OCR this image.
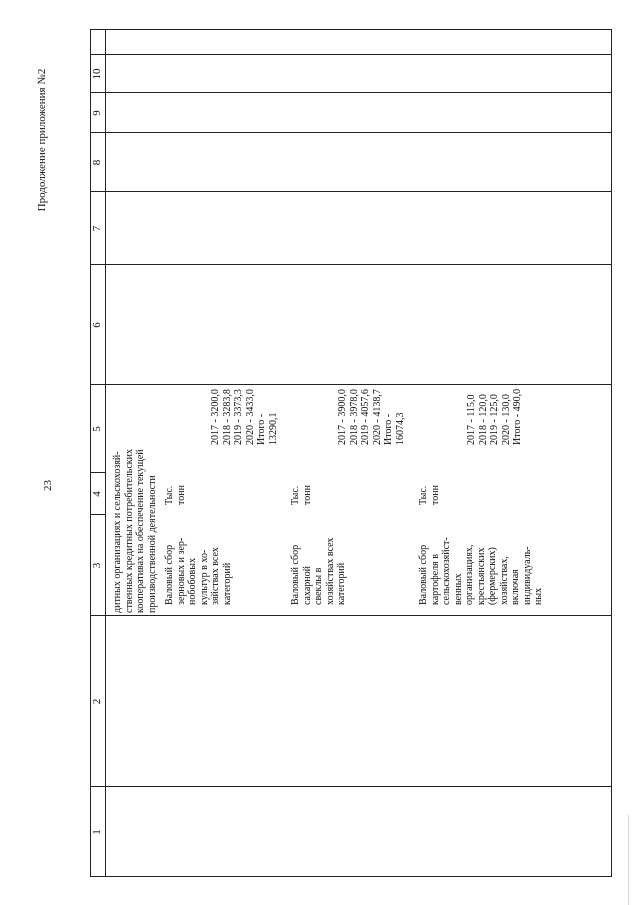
23
Продолжение приложения №2
1
2
3
4
5
6
7
8
9
10
дитных организациях и сельскохозяй-
ственных кредитных потребительских
кооперативах на обеспечение текущей
производственной деятельности
Валовый сбор
зерновых и зер-
нобобовых
культур в хо-
зяйствах всех
категорий
Тыс.
тонн
2017 - 3200,0
2018 - 3283,8
2019 - 3373,3
2020 - 3433,0
Итого -
13290,1
Валовый сбор
сахарной
свеклы в
хозяйствах всех
категорий
Тыс.
тонн
2017 - 3900,0
2018 - 3978,0
2019 - 4057,6
2020 - 4138,7
Итого -
16074,3
Валовый сбор
картофеля в
сельскохозяйст-
венных
организациях,
крестьянских
(фермерских)
хозяйствах,
включая
индивидуаль-
ных
Тыс.
тонн
2017 - 115,0
2018 - 120,0
2019 - 125,0
2020 - 130,0
Итого - 490,0
